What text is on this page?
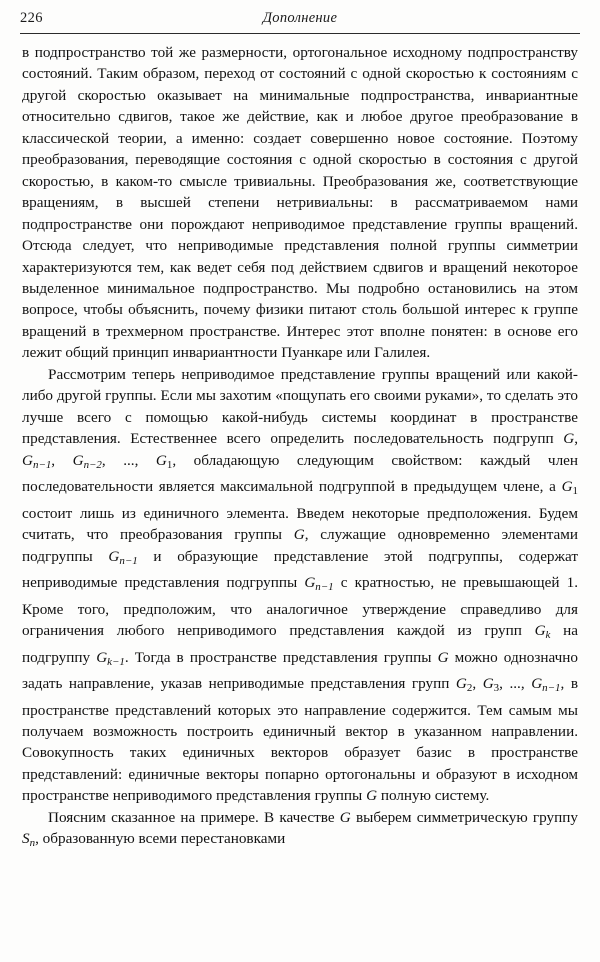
226	Дополнение

в подпространство той же размерности, ортогональное исходному подпространству состояний. Таким образом, переход от состояний с одной скоростью к состояниям с другой скоростью оказывает на минимальные подпространства, инвариантные относительно сдвигов, такое же действие, как и любое другое преобразование в классической теории, а именно: создает совершенно новое состояние. Поэтому преобразования, переводящие состояния с одной скоростью в состояния с другой скоростью, в каком-то смысле тривиальны. Преобразования же, соответствующие вращениям, в высшей степени нетривиальны: в рассматриваемом нами подпространстве они порождают неприводимое представление группы вращений. Отсюда следует, что неприводимые представления полной группы симметрии характеризуются тем, как ведет себя под действием сдвигов и вращений некоторое выделенное минимальное подпространство. Мы подробно остановились на этом вопросе, чтобы объяснить, почему физики питают столь большой интерес к группе вращений в трехмерном пространстве. Интерес этот вполне понятен: в основе его лежит общий принцип инвариантности Пуанкаре или Галилея.

Рассмотрим теперь неприводимое представление группы вращений или какой-либо другой группы. Если мы захотим «пощупать его своими руками», то сделать это лучше всего с помощью какой-нибудь системы координат в пространстве представления. Естественнее всего определить последовательность подгрупп G, $G_{n-1}$, $G_{n-2}$, ..., $G_1$, обладающую следующим свойством: каждый член последовательности является максимальной подгруппой в предыдущем члене, а $G_1$ состоит лишь из единичного элемента. Введем некоторые предположения. Будем считать, что преобразования группы G, служащие одновременно элементами подгруппы $G_{n-1}$ и образующие представление этой подгруппы, содержат неприводимые представления подгруппы $G_{n-1}$ с кратностью, не превышающей 1. Кроме того, предположим, что аналогичное утверждение справедливо для ограничения любого неприводимого представления каждой из групп $G_k$ на подгруппу $G_{k-1}$. Тогда в пространстве представления группы G можно однозначно задать направление, указав неприводимые представления групп $G_2$, $G_3$, ..., $G_{n-1}$, в пространстве представлений которых это направление содержится. Тем самым мы получаем возможность построить единичный вектор в указанном направлении. Совокупность таких единичных векторов образует базис в пространстве представлений: единичные векторы попарно ортогональны и образуют в исходном пространстве неприводимого представления группы G полную систему.

Поясним сказанное на примере. В качестве G выберем симметрическую группу $S_n$, образованную всеми перестановками
